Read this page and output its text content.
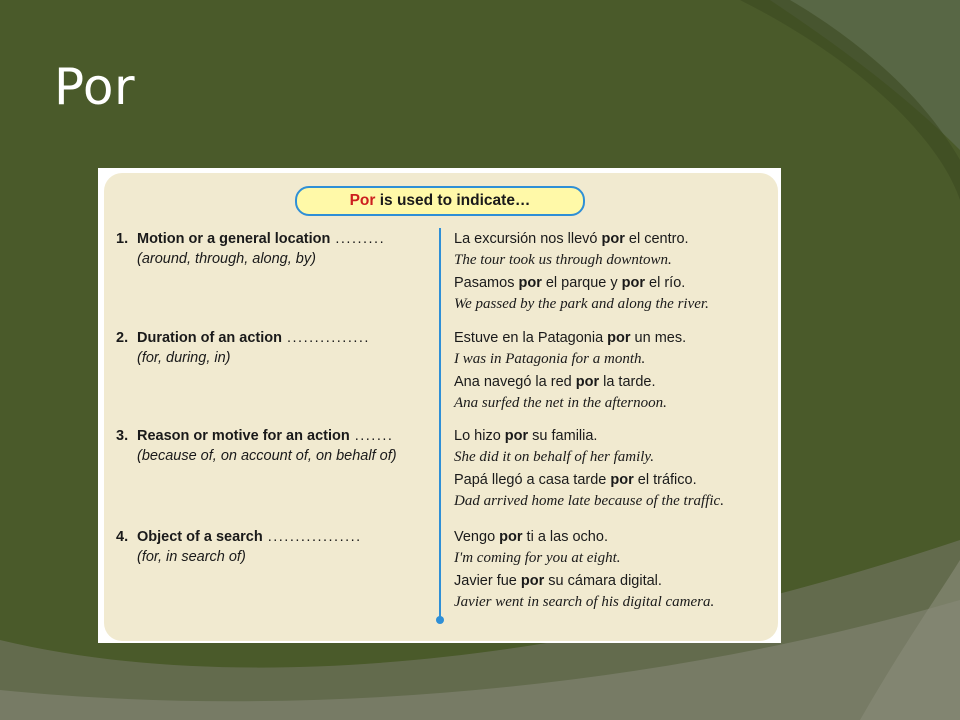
Por
Por is used to indicate…
1. Motion or a general location .........
(around, through, along, by)
La excursión nos llevó por el centro.
The tour took us through downtown.
Pasamos por el parque y por el río.
We passed by the park and along the river.
2. Duration of an action ...............
(for, during, in)
Estuve en la Patagonia por un mes.
I was in Patagonia for a month.
Ana navegó la red por la tarde.
Ana surfed the net in the afternoon.
3. Reason or motive for an action .......
(because of, on account of, on behalf of)
Lo hizo por su familia.
She did it on behalf of her family.
Papá llegó a casa tarde por el tráfico.
Dad arrived home late because of the traffic.
4. Object of a search .................
(for, in search of)
Vengo por ti a las ocho.
I'm coming for you at eight.
Javier fue por su cámara digital.
Javier went in search of his digital camera.
